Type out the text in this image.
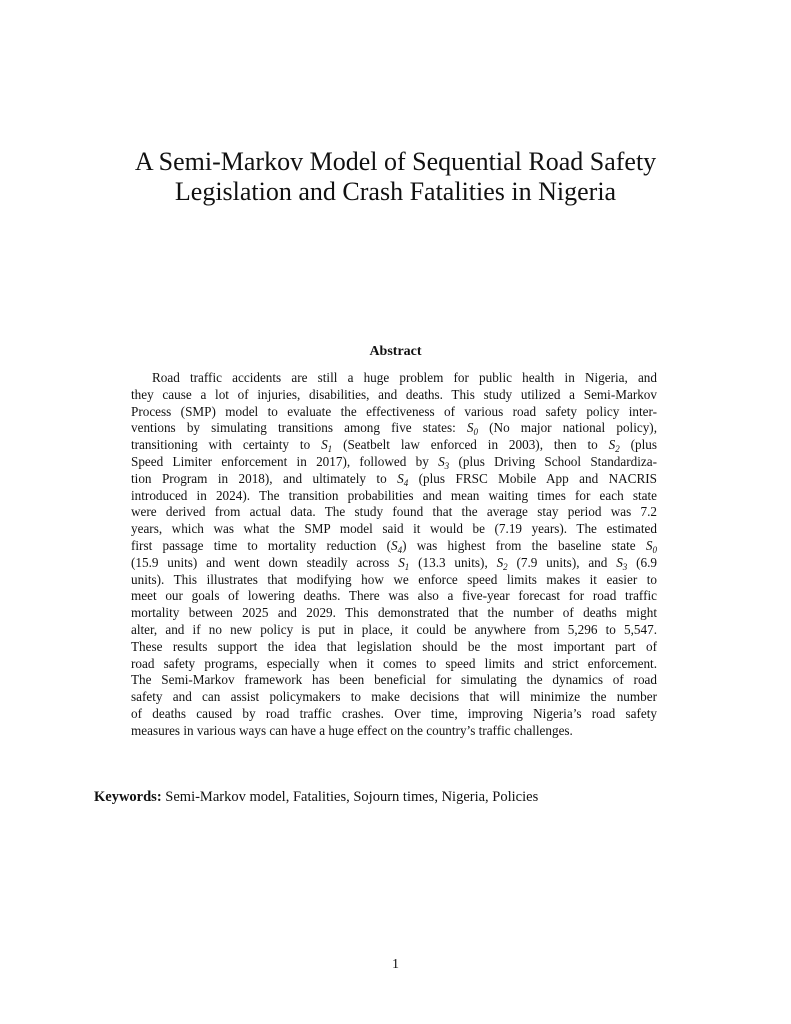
A Semi-Markov Model of Sequential Road Safety
Legislation and Crash Fatalities in Nigeria
Abstract
Road traffic accidents are still a huge problem for public health in Nigeria, and
they cause a lot of injuries, disabilities, and deaths. This study utilized a Semi-Markov
Process (SMP) model to evaluate the effectiveness of various road safety policy inter-
ventions by simulating transitions among five states: $S_0$ (No major national policy),
transitioning with certainty to $S_1$ (Seatbelt law enforced in 2003), then to $S_2$ (plus
Speed Limiter enforcement in 2017), followed by $S_3$ (plus Driving School Standardiza-
tion Program in 2018), and ultimately to $S_4$ (plus FRSC Mobile App and NACRIS
introduced in 2024). The transition probabilities and mean waiting times for each state
were derived from actual data. The study found that the average stay period was 7.2
years, which was what the SMP model said it would be (7.19 years). The estimated
first passage time to mortality reduction $(S_4)$ was highest from the baseline state $S_0$
(15.9 units) and went down steadily across $S_1$ (13.3 units), $S_2$ (7.9 units), and $S_3$ (6.9
units). This illustrates that modifying how we enforce speed limits makes it easier to
meet our goals of lowering deaths. There was also a five-year forecast for road traffic
mortality between 2025 and 2029. This demonstrated that the number of deaths might
alter, and if no new policy is put in place, it could be anywhere from 5,296 to 5,547.
These results support the idea that legislation should be the most important part of
road safety programs, especially when it comes to speed limits and strict enforcement.
The Semi-Markov framework has been beneficial for simulating the dynamics of road
safety and can assist policymakers to make decisions that will minimize the number
of deaths caused by road traffic crashes. Over time, improving Nigeria’s road safety
measures in various ways can have a huge effect on the country’s traffic challenges.

Keywords: Semi-Markov model, Fatalities, Sojourn times, Nigeria, Policies

1
